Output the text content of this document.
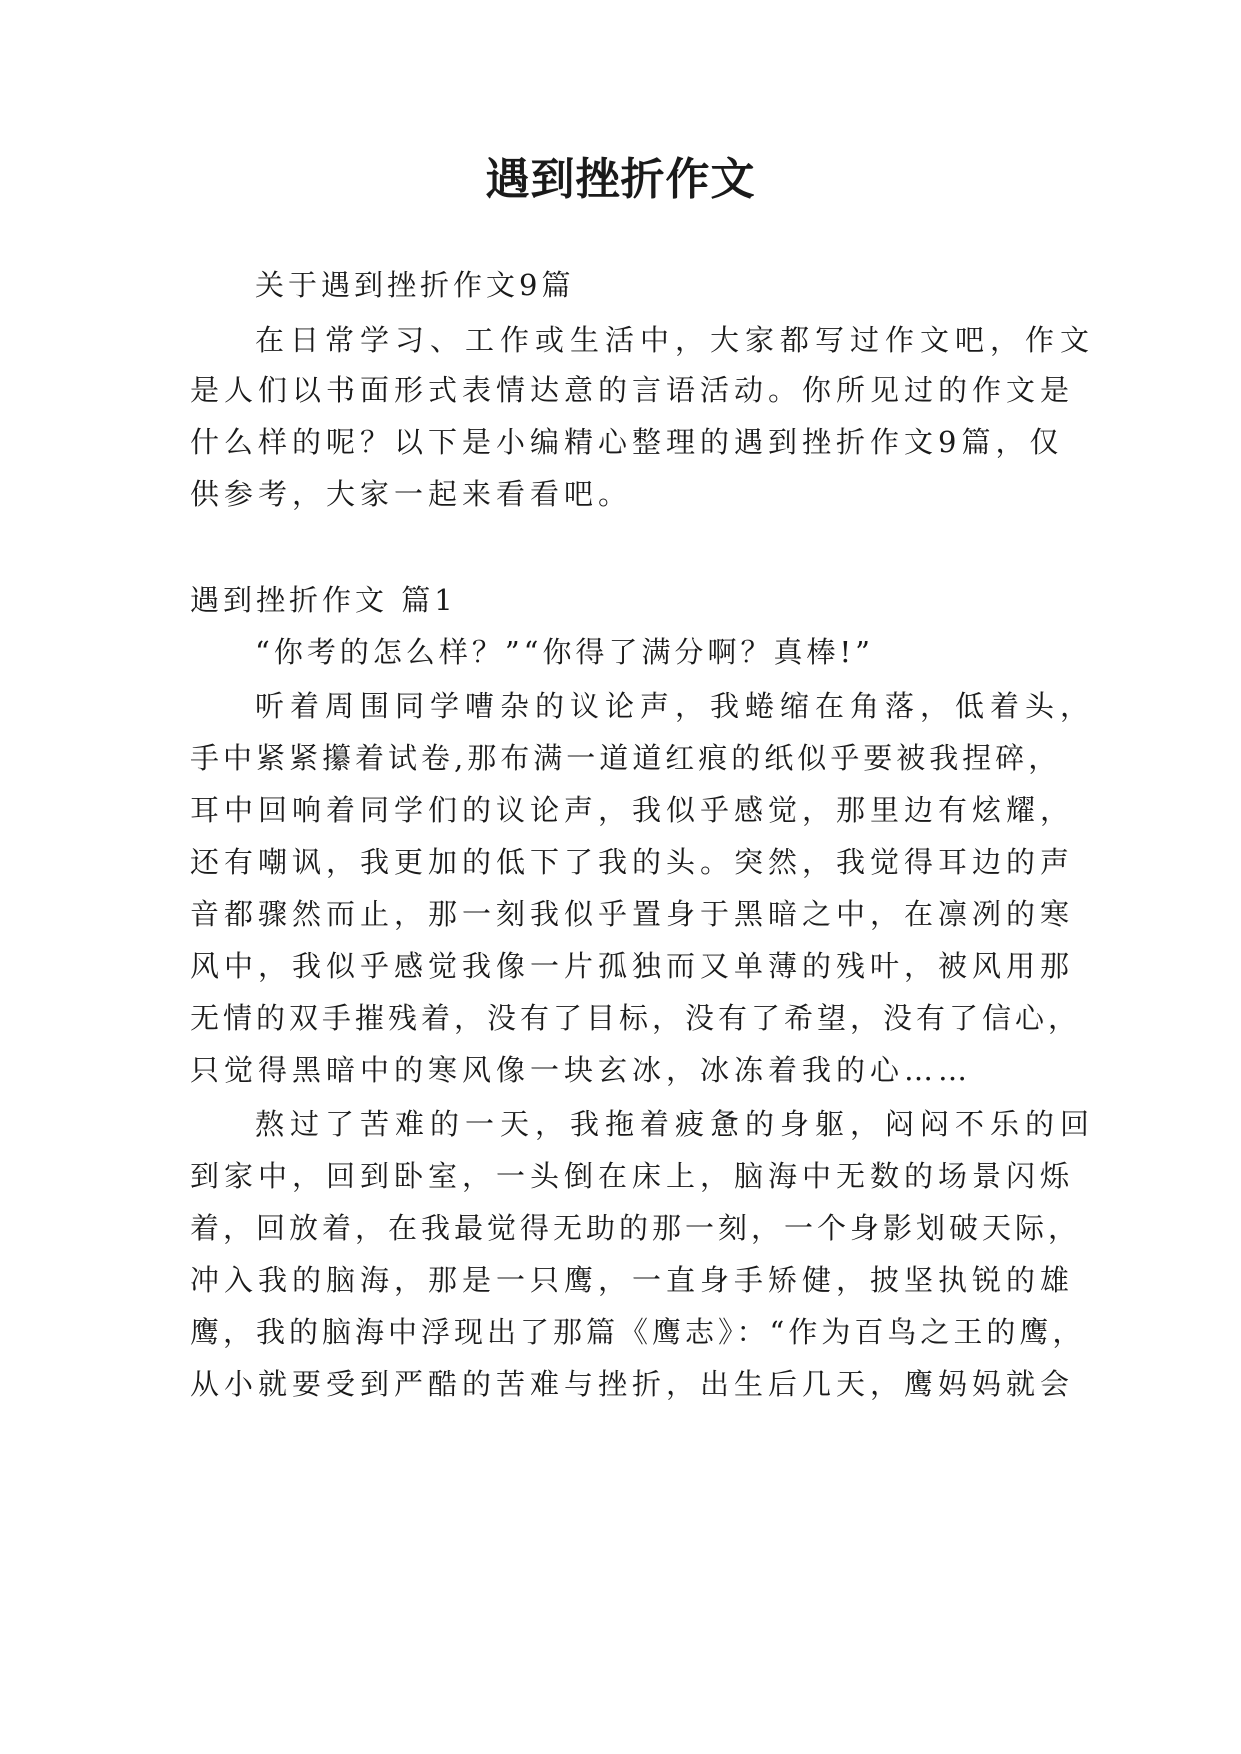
遇到挫折作文

关于遇到挫折作文9篇

在日常学习、工作或生活中，大家都写过作文吧，作文

是人们以书面形式表情达意的言语活动。你所见过的作文是

什么样的呢？以下是小编精心整理的遇到挫折作文9篇，仅

供参考，大家一起来看看吧。

遇到挫折作文 篇1

“你考的怎么样？”“你得了满分啊？真棒!”

听着周围同学嘈杂的议论声，我蜷缩在角落，低着头，

手中紧紧攥着试卷,那布满一道道红痕的纸似乎要被我捏碎，

耳中回响着同学们的议论声，我似乎感觉，那里边有炫耀，

还有嘲讽，我更加的低下了我的头。突然，我觉得耳边的声

音都骤然而止，那一刻我似乎置身于黑暗之中，在凛冽的寒

风中，我似乎感觉我像一片孤独而又单薄的残叶，被风用那

无情的双手摧残着，没有了目标，没有了希望，没有了信心，

只觉得黑暗中的寒风像一块玄冰，冰冻着我的心……

熬过了苦难的一天，我拖着疲惫的身躯，闷闷不乐的回

到家中，回到卧室，一头倒在床上，脑海中无数的场景闪烁

着，回放着，在我最觉得无助的那一刻，一个身影划破天际，

冲入我的脑海，那是一只鹰，一直身手矫健，披坚执锐的雄

鹰，我的脑海中浮现出了那篇《鹰志》：“作为百鸟之王的鹰，

从小就要受到严酷的苦难与挫折，出生后几天，鹰妈妈就会
